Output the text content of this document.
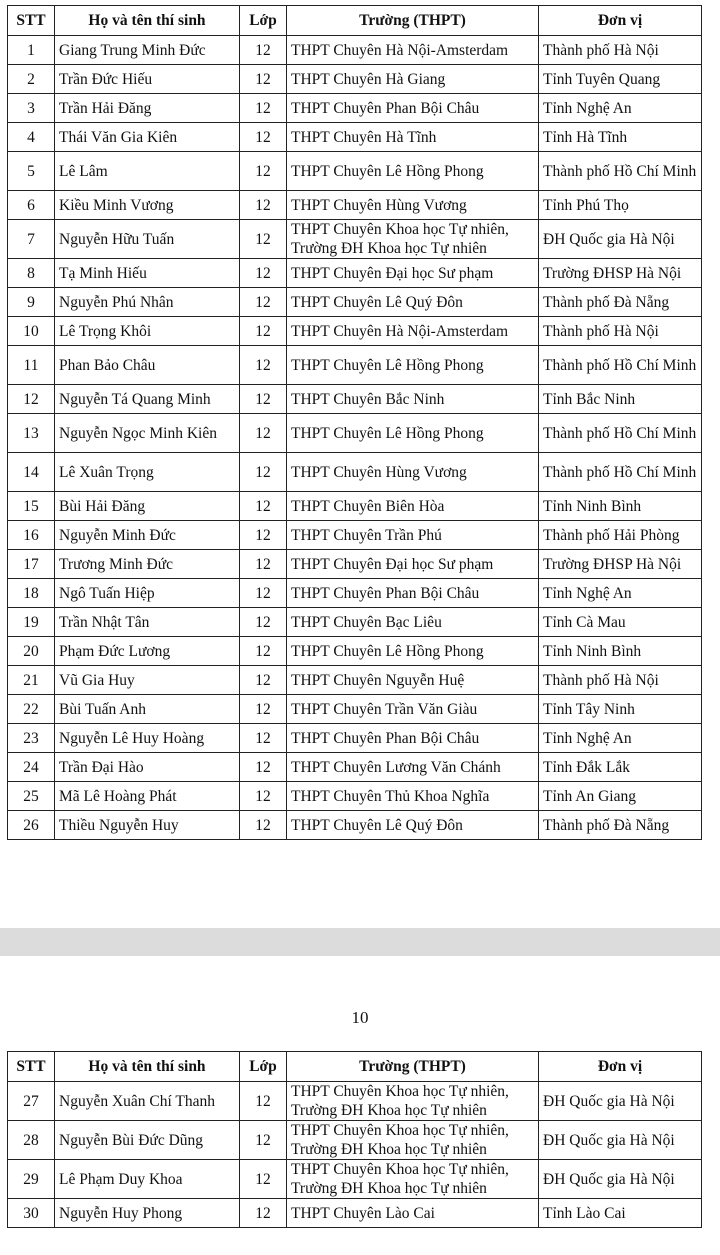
STT	Họ và tên thí sinh	Lớp	Trường (THPT)	Đơn vị
1	Giang Trung Minh Đức	12	THPT Chuyên Hà Nội-Amsterdam	Thành phố Hà Nội
2	Trần Đức Hiếu	12	THPT Chuyên Hà Giang	Tỉnh Tuyên Quang
3	Trần Hải Đăng	12	THPT Chuyên Phan Bội Châu	Tỉnh Nghệ An
4	Thái Văn Gia Kiên	12	THPT Chuyên Hà Tĩnh	Tỉnh Hà Tĩnh
5	Lê Lâm	12	THPT Chuyên Lê Hồng Phong	Thành phố Hồ Chí Minh
6	Kiều Minh Vương	12	THPT Chuyên Hùng Vương	Tỉnh Phú Thọ
7	Nguyễn Hữu Tuấn	12	THPT Chuyên Khoa học Tự nhiên, Trường ĐH Khoa học Tự nhiên	ĐH Quốc gia Hà Nội
8	Tạ Minh Hiếu	12	THPT Chuyên Đại học Sư phạm	Trường ĐHSP Hà Nội
9	Nguyễn Phú Nhân	12	THPT Chuyên Lê Quý Đôn	Thành phố Đà Nẵng
10	Lê Trọng Khôi	12	THPT Chuyên Hà Nội-Amsterdam	Thành phố Hà Nội
11	Phan Bảo Châu	12	THPT Chuyên Lê Hồng Phong	Thành phố Hồ Chí Minh
12	Nguyễn Tá Quang Minh	12	THPT Chuyên Bắc Ninh	Tỉnh Bắc Ninh
13	Nguyễn Ngọc Minh Kiên	12	THPT Chuyên Lê Hồng Phong	Thành phố Hồ Chí Minh
14	Lê Xuân Trọng	12	THPT Chuyên Hùng Vương	Thành phố Hồ Chí Minh
15	Bùi Hải Đăng	12	THPT Chuyên Biên Hòa	Tỉnh Ninh Bình
16	Nguyễn Minh Đức	12	THPT Chuyên Trần Phú	Thành phố Hải Phòng
17	Trương Minh Đức	12	THPT Chuyên Đại học Sư phạm	Trường ĐHSP Hà Nội
18	Ngô Tuấn Hiệp	12	THPT Chuyên Phan Bội Châu	Tỉnh Nghệ An
19	Trần Nhật Tân	12	THPT Chuyên Bạc Liêu	Tỉnh Cà Mau
20	Phạm Đức Lương	12	THPT Chuyên Lê Hồng Phong	Tỉnh Ninh Bình
21	Vũ Gia Huy	12	THPT Chuyên Nguyễn Huệ	Thành phố Hà Nội
22	Bùi Tuấn Anh	12	THPT Chuyên Trần Văn Giàu	Tỉnh Tây Ninh
23	Nguyễn Lê Huy Hoàng	12	THPT Chuyên Phan Bội Châu	Tỉnh Nghệ An
24	Trần Đại Hào	12	THPT Chuyên Lương Văn Chánh	Tỉnh Đắk Lắk
25	Mã Lê Hoàng Phát	12	THPT Chuyên Thủ Khoa Nghĩa	Tỉnh An Giang
26	Thiều Nguyễn Huy	12	THPT Chuyên Lê Quý Đôn	Thành phố Đà Nẵng
10
STT	Họ và tên thí sinh	Lớp	Trường (THPT)	Đơn vị
27	Nguyễn Xuân Chí Thanh	12	THPT Chuyên Khoa học Tự nhiên, Trường ĐH Khoa học Tự nhiên	ĐH Quốc gia Hà Nội
28	Nguyễn Bùi Đức Dũng	12	THPT Chuyên Khoa học Tự nhiên, Trường ĐH Khoa học Tự nhiên	ĐH Quốc gia Hà Nội
29	Lê Phạm Duy Khoa	12	THPT Chuyên Khoa học Tự nhiên, Trường ĐH Khoa học Tự nhiên	ĐH Quốc gia Hà Nội
30	Nguyễn Huy Phong	12	THPT Chuyên Lào Cai	Tỉnh Lào Cai
